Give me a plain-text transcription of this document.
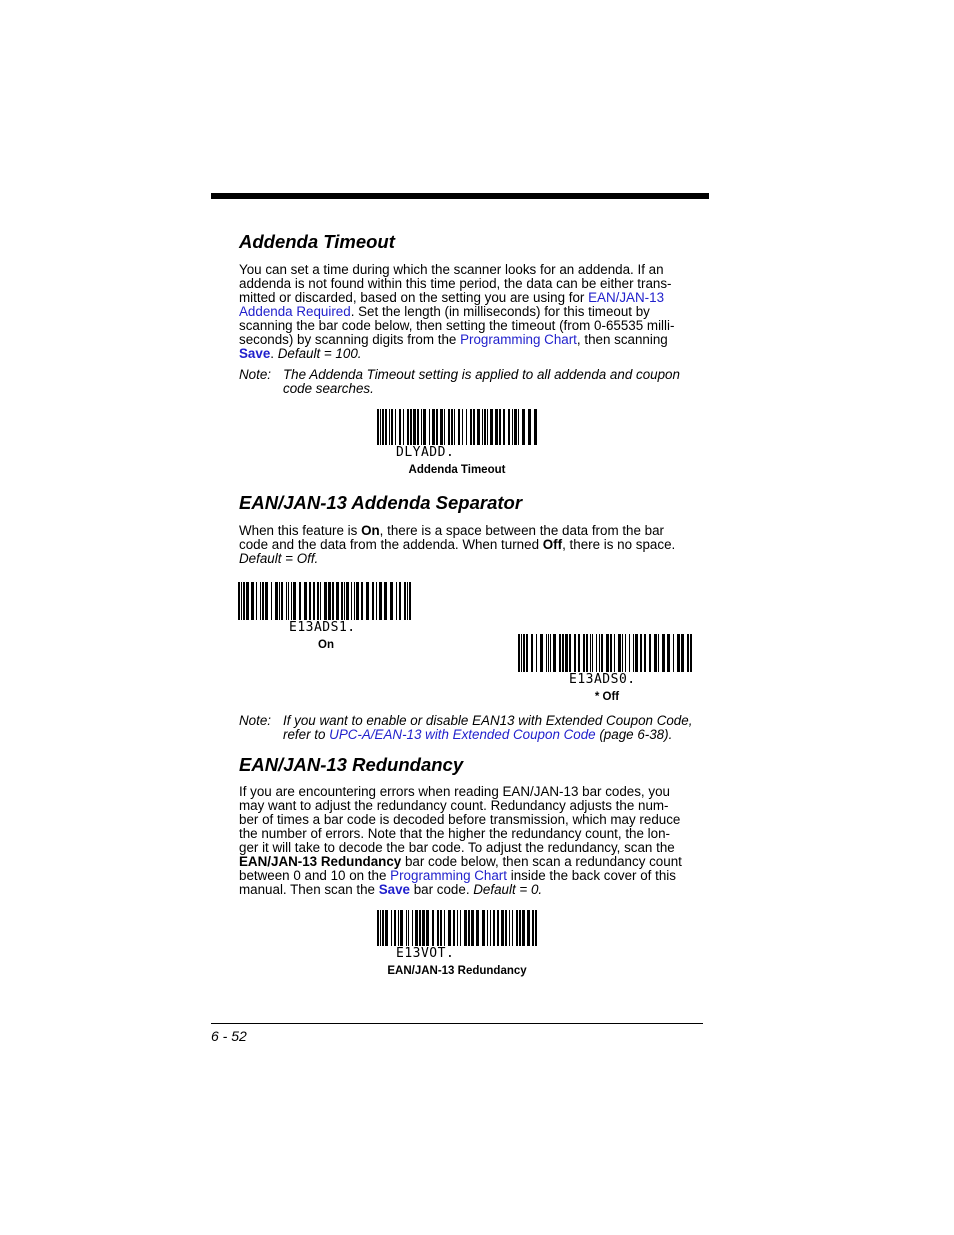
Addenda Timeout
You can set a time during which the scanner looks for an addenda. If an
addenda is not found within this time period, the data can be either trans-
mitted or discarded, based on the setting you are using for EAN/JAN-13
Addenda Required. Set the length (in milliseconds) for this timeout by
scanning the bar code below, then setting the timeout (from 0-65535 milli-
seconds) by scanning digits from the Programming Chart, then scanning
Save. Default = 100.
Note: The Addenda Timeout setting is applied to all addenda and coupon
code searches.
DLYADD.
Addenda Timeout
EAN/JAN-13 Addenda Separator
When this feature is On, there is a space between the data from the bar
code and the data from the addenda. When turned Off, there is no space.
Default = Off.
E13ADS1.
On
E13ADS0.
* Off
Note: If you want to enable or disable EAN13 with Extended Coupon Code,
refer to UPC-A/EAN-13 with Extended Coupon Code (page 6-38).
EAN/JAN-13 Redundancy
If you are encountering errors when reading EAN/JAN-13 bar codes, you
may want to adjust the redundancy count. Redundancy adjusts the num-
ber of times a bar code is decoded before transmission, which may reduce
the number of errors. Note that the higher the redundancy count, the lon-
ger it will take to decode the bar code. To adjust the redundancy, scan the
EAN/JAN-13 Redundancy bar code below, then scan a redundancy count
between 0 and 10 on the Programming Chart inside the back cover of this
manual. Then scan the Save bar code. Default = 0.
E13VOT.
EAN/JAN-13 Redundancy
6 - 52
